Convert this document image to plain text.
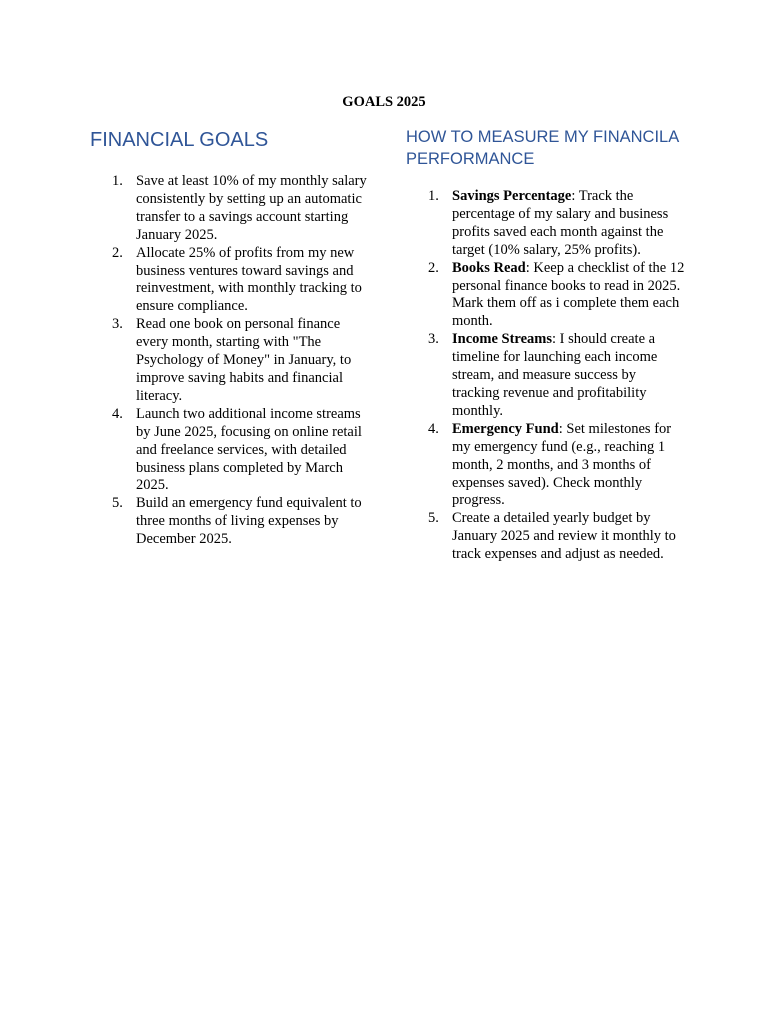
GOALS 2025
FINANCIAL GOALS
1. Save at least 10% of my monthly salary consistently by setting up an automatic transfer to a savings account starting January 2025.
2. Allocate 25% of profits from my new business ventures toward savings and reinvestment, with monthly tracking to ensure compliance.
3. Read one book on personal finance every month, starting with "The Psychology of Money" in January, to improve saving habits and financial literacy.
4. Launch two additional income streams by June 2025, focusing on online retail and freelance services, with detailed business plans completed by March 2025.
5. Build an emergency fund equivalent to three months of living expenses by December 2025.
HOW TO MEASURE MY FINANCILA PERFORMANCE
1. Savings Percentage: Track the percentage of my salary and business profits saved each month against the target (10% salary, 25% profits).
2. Books Read: Keep a checklist of the 12 personal finance books to read in 2025. Mark them off as i complete them each month.
3. Income Streams: I should create a timeline for launching each income stream, and measure success by tracking revenue and profitability monthly.
4. Emergency Fund: Set milestones for my emergency fund (e.g., reaching 1 month, 2 months, and 3 months of expenses saved). Check monthly progress.
5. Create a detailed yearly budget by January 2025 and review it monthly to track expenses and adjust as needed.
